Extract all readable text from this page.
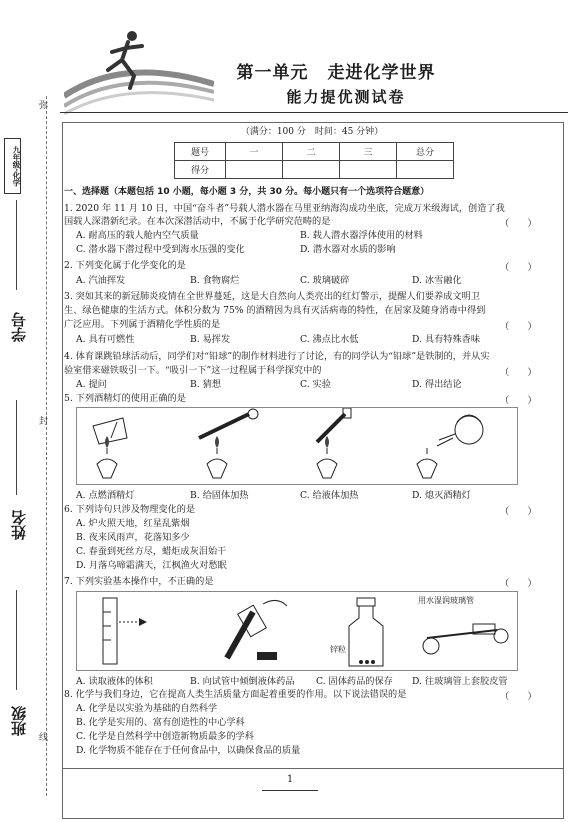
第一单元 走进化学世界
能力提优测试卷
九年级·化学
弥
封
线
学号
姓名
班级
（满分：100 分　时间：45 分钟）
题号	一	二	三	总分
得分				
一、选择题（本题包括 10 小题，每小题 3 分，共 30 分。每小题只有一个选项符合题意）
1. 2020 年 11 月 10 日，中国“奋斗者”号载人潜水器在马里亚纳海沟成功坐底，完成万米级海试，创造了我
国载人深潜新纪录。在本次深潜活动中，不属于化学研究范畴的是	（　　）
A. 耐高压的载人舱内空气质量	B. 载人潜水器浮体使用的材料
C. 潜水器下潜过程中受到海水压强的变化	D. 潜水器对水质的影响
2. 下列变化属于化学变化的是	（　　）
A. 汽油挥发	B. 食物腐烂	C. 玻璃破碎	D. 冰雪融化
3. 突如其来的新冠肺炎疫情在全世界蔓延，这是大自然向人类亮出的红灯警示，提醒人们要养成文明卫
生、绿色健康的生活方式。体积分数为 75% 的酒精因为具有灭活病毒的特性，在居家及随身消毒中得到
广泛应用。下列属于酒精化学性质的是	（　　）
A. 具有可燃性	B. 易挥发	C. 沸点比水低	D. 具有特殊香味
4. 体育课跳铅球活动后，同学们对“铅球”的制作材料进行了讨论，有的同学认为“铅球”是铁制的，并从实
验室借来磁铁吸引一下。“吸引一下”这一过程属于科学探究中的	（　　）
A. 提问	B. 猜想	C. 实验	D. 得出结论
5. 下列酒精灯的使用正确的是	（　　）
A. 点燃酒精灯	B. 给固体加热	C. 给液体加热	D. 熄灭酒精灯
6. 下列诗句只涉及物理变化的是	（　　）
A. 炉火照天地，红星乱紫烟
B. 夜来风雨声，花落知多少
C. 春蚕到死丝方尽，蜡炬成灰泪始干
D. 月落乌啼霜满天，江枫渔火对愁眠
7. 下列实验基本操作中，不正确的是	（　　）
锌粒
用水湿润玻璃管
A. 读取液体的体积	B. 向试管中倾倒液体药品 C. 固体药品的保存 D. 往玻璃管上套胶皮管
8. 化学与我们身边，它在提高人类生活质量方面起着重要的作用。以下说法错误的是	（　　）
A. 化学是以实验为基础的自然科学
B. 化学是实用的、富有创造性的中心学科
C. 化学是自然科学中创造新物质最多的学科
D. 化学物质不能存在于任何食品中，以确保食品的质量
1
